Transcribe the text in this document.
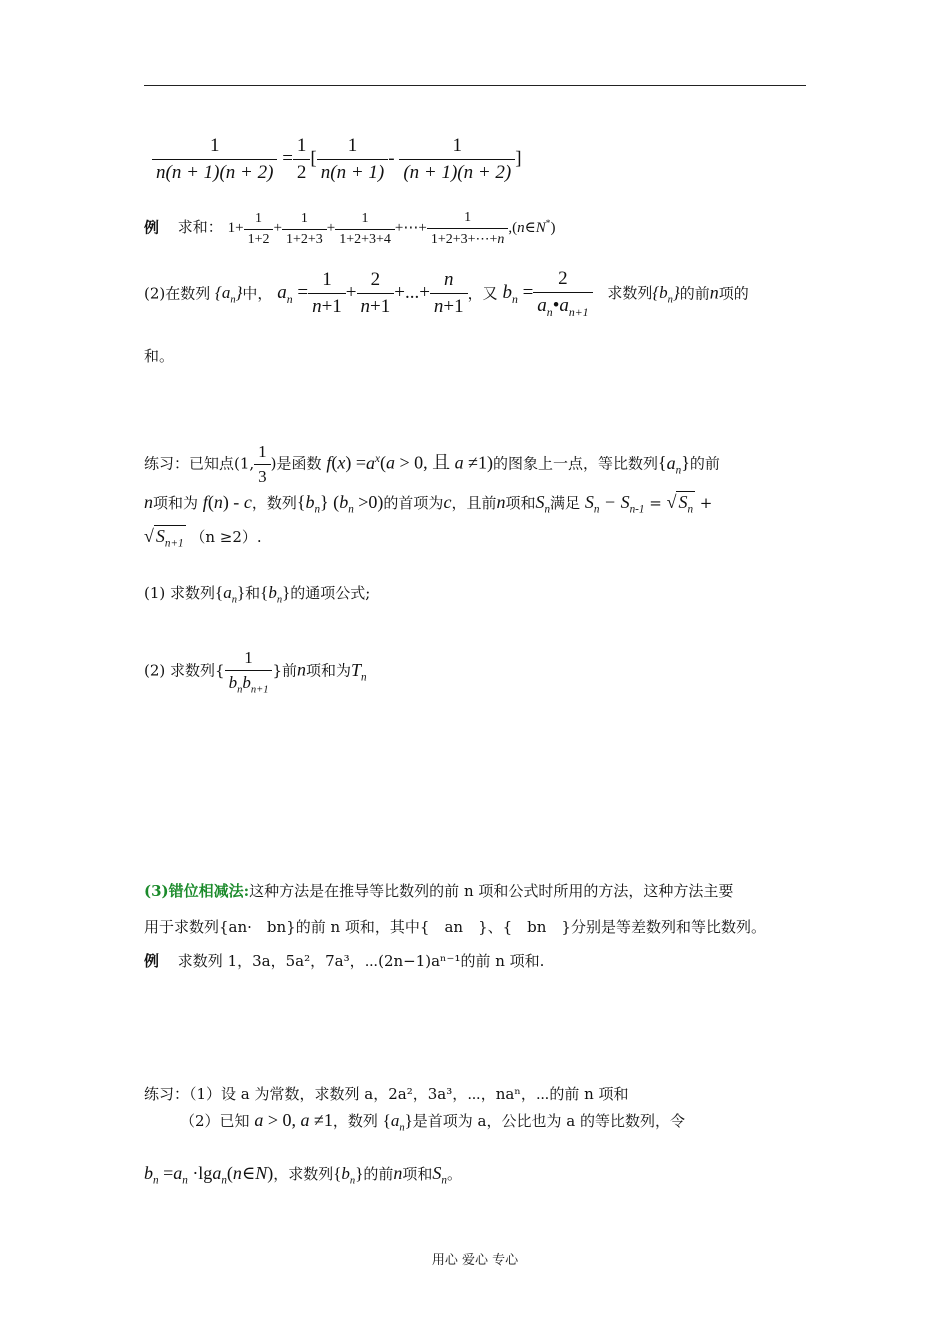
$\frac{1}{n(n + 1)(n + 2)} = \frac{1}{2}$ [ $\frac{1}{n(n + 1)} - \frac{1}{(n + 1)(n + 2)}$ ]
例 求和： $1+ \frac{1}{1+2} + \frac{1}{1+2+3} + \frac{1}{1+2+3+4}$ +⋯+ $\frac{1}{1+2+3+\cdots+n}$ ,(n∈N*)
(2)在数列 $\{a_n\}$中， $a_n = \frac{1}{n+1} + \frac{2}{n+1}$ +...+ $\frac{n}{n+1}$ ，又 $b_n = \frac{2}{a_n•a_{n+1}}$ 求数列$\{b_n\}$的前n项的
和。
练习：已知点(1, $\frac{1}{3}$ )是函数 $f(x) =a^x(a > 0$, 且 a ≠1)的图象上一点，等比数列$\{a_n\}$的前
n项和为 f(n) - c，数列$\{b_n\}$ $(b_n >0)$的首项为c，且前n项和$S_n$满足 $S_n - S_{n-1}$ = √ $S_n$ +
√ $S_{n+1}$ （n ≥2）.
(1) 求数列$\{a_n\}$和$\{b_n\}$的通项公式;
(2) 求数列{ $\frac{1}{b_nb_{n+1}}$ }前n项和为$T_n$
(3)错位相减法:这种方法是在推导等比数列的前 n 项和公式时所用的方法，这种方法主要
用于求数列{an·　bn}的前 n 项和，其中{　an　}、{　bn　}分别是等差数列和等比数列。
例 求数列 1，3a，5a²，7a³，⋯(2n−1)aⁿ⁻¹的前 n 项和.
练习：（1）设 a 为常数，求数列 a，2a²，3a³，⋯，naⁿ，⋯的前 n 项和
（2）已知 a > 0, a ≠1，数列 $\{a_n\}$是首项为 a，公比也为 a 的等比数列，令
$b_n =a_n$ ·lga$_n$(n∈N)，求数列$\{b_n\}$的前n项和$S_n$。
用心 爱心 专心
